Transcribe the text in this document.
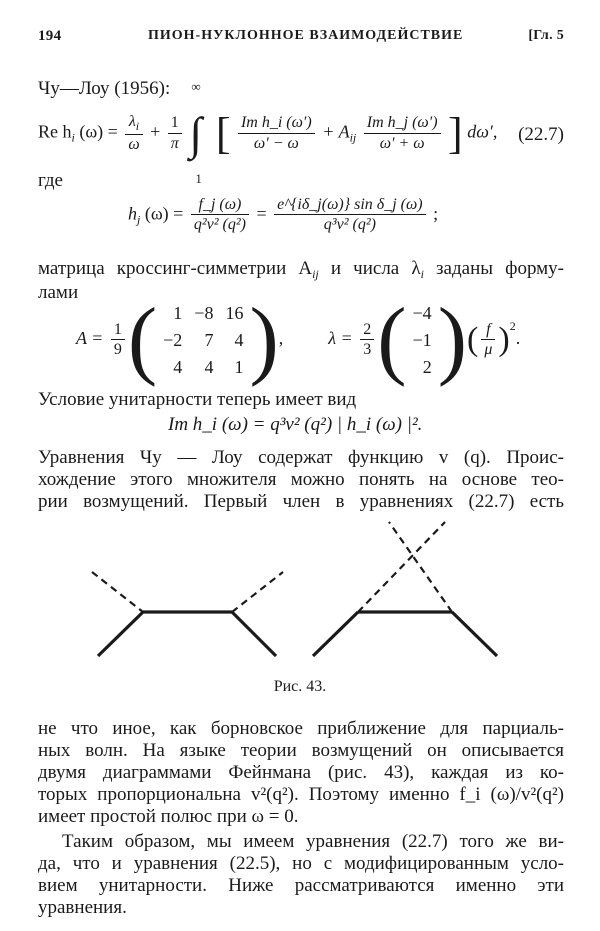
194	ПИОН-НУКЛОННОЕ ВЗАИМОДЕЙСТВИЕ	[Гл. 5
Чу—Лоу (1956):
Re $h_i$ $(\omega) = \frac{\lambda_i}{\omega} + \frac{1}{\pi}$

∞
∫
1
[ $\frac{\text{Im h\_i (ω′)}}{\omega' - \omega} + A_{ij} \frac{\text{Im h\_j (ω′)}}{\omega' + \omega}$ ] dω′, (22.7)
где
$h_j$ $(\omega) = \frac{f\_j (\omega)}{\text{q²v² (q²)}} = \frac{\text{e\textasciicircum{}\{iδ\_j(ω)\} sin δ\_j (ω)}}{\text{q³v² (q²)}}$ ;
матрица кроссинг-симметрии $A_{ij}$ и числа $\lambda_i$ заданы форму-
лами
$A = \frac{1}{9}$ ( 1	−8	16
−2	7	4
4	4	1 ),	$\lambda = \frac{2}{3}$ ( −4
−1
2 )( $\frac{f}{\mu} )^2$.
Условие унитарности теперь имеет вид
Im h_i (ω) = q³v² (q²) | h_i (ω) |².
Уравнения Чу — Лоу содержат функцию v (q). Проис-
хождение этого множителя можно понять на основе тео-
рии возмущений. Первый член в уравнениях (22.7) есть
Рис. 43.
не что иное, как борновское приближение для парциаль-
ных волн. На языке теории возмущений он описывается
двумя диаграммами Фейнмана (рис. 43), каждая из ко-
торых пропорциональна v²(q²). Поэтому именно f_i (ω)/v²(q²)
имеет простой полюс при ω = 0.
Таким образом, мы имеем уравнения (22.7) того же ви-
да, что и уравнения (22.5), но с модифицированным усло-
вием унитарности. Ниже рассматриваются именно эти
уравнения.
